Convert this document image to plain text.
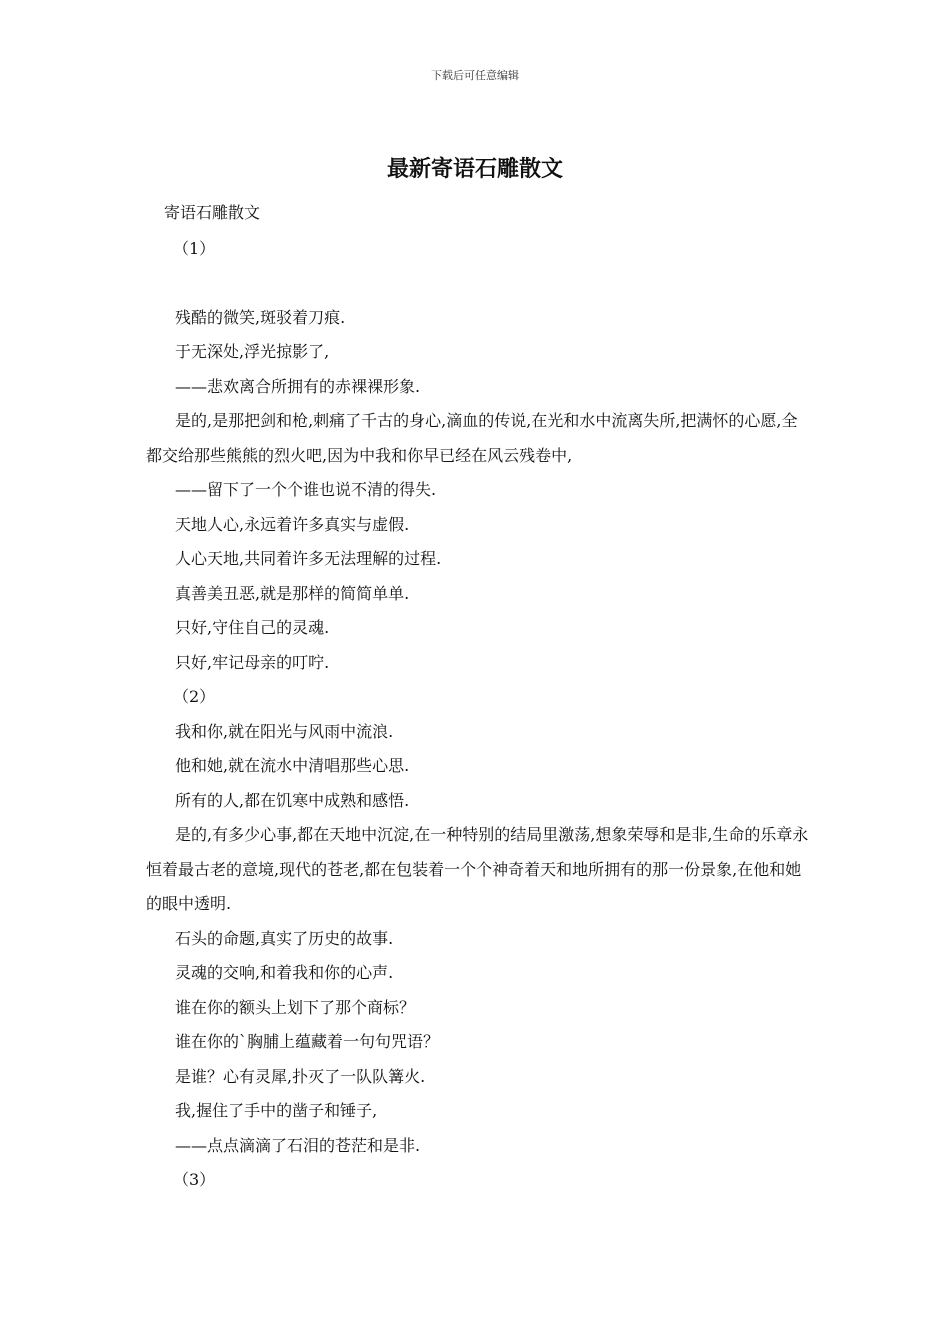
下载后可任意编辑
最新寄语石雕散文
寄语石雕散文

（1）

残酷的微笑,斑驳着刀痕.

于无深处,浮光掠影了,

——悲欢离合所拥有的赤裸裸形象.

是的,是那把剑和枪,刺痛了千古的身心,滴血的传说,在光和水中流离失所,把满怀的心愿,全都交给那些熊熊的烈火吧,因为中我和你早已经在风云残卷中,

——留下了一个个谁也说不清的得失.

天地人心,永远着许多真实与虚假.

人心天地,共同着许多无法理解的过程.

真善美丑恶,就是那样的简简单单.

只好,守住自己的灵魂.

只好,牢记母亲的叮咛.

（2）

我和你,就在阳光与风雨中流浪.

他和她,就在流水中清唱那些心思.

所有的人,都在饥寒中成熟和感悟.

是的,有多少心事,都在天地中沉淀,在一种特别的结局里激荡,想象荣辱和是非,生命的乐章永恒着最古老的意境,现代的苍老,都在包装着一个个神奇着天和地所拥有的那一份景象,在他和她的眼中透明.

石头的命题,真实了历史的故事.

灵魂的交响,和着我和你的心声.

谁在你的额头上划下了那个商标？

谁在你的`胸脯上蕴藏着一句句咒语？

是谁？心有灵犀,扑灭了一队队篝火.

我,握住了手中的凿子和锤子,

——点点滴滴了石泪的苍茫和是非.

（3）
